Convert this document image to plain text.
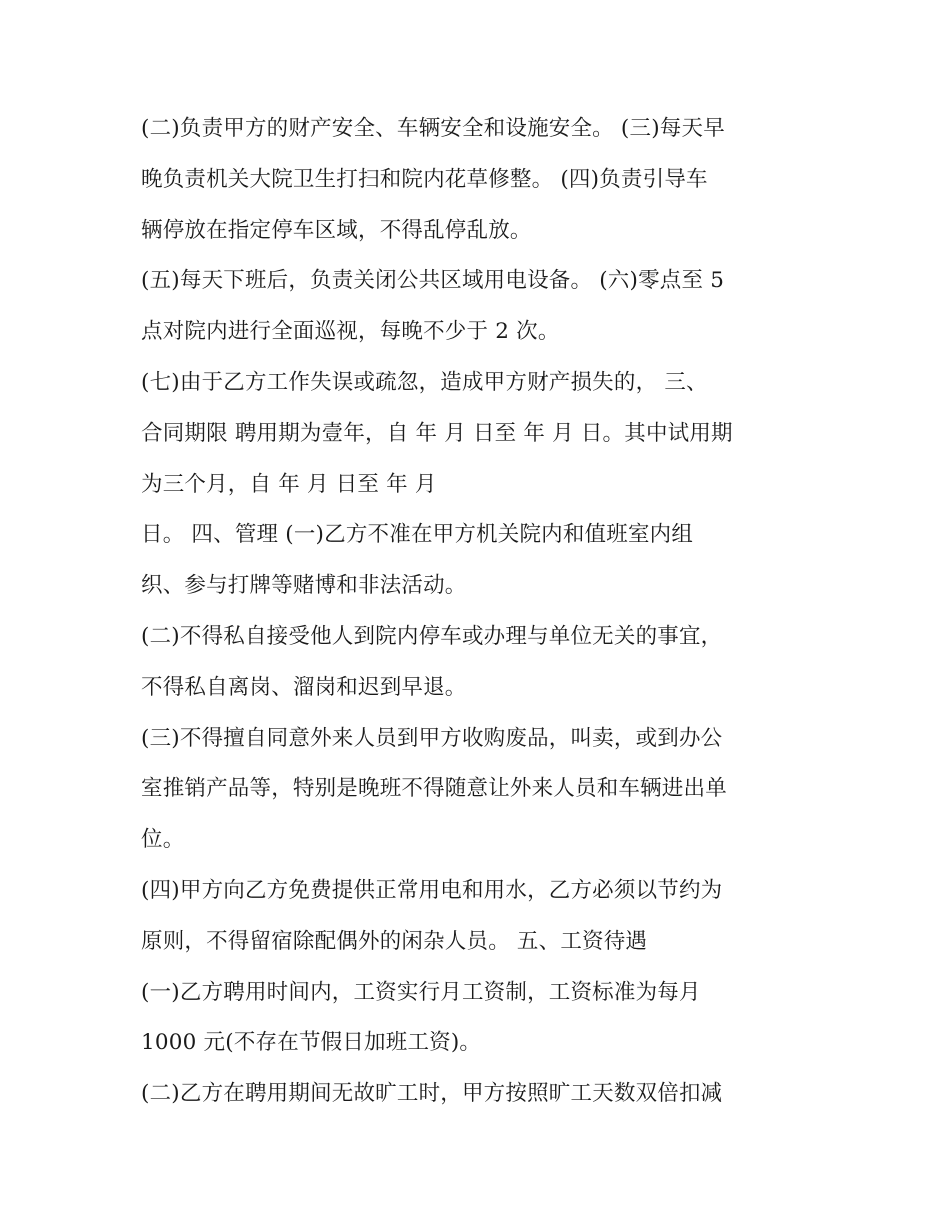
(二)负责甲方的财产安全、车辆安全和设施安全。 (三)每天早
晚负责机关大院卫生打扫和院内花草修整。 (四)负责引导车
辆停放在指定停车区域，不得乱停乱放。
(五)每天下班后，负责关闭公共区域用电设备。 (六)零点至 5
点对院内进行全面巡视，每晚不少于 2 次。
(七)由于乙方工作失误或疏忽，造成甲方财产损失的， 三、
合同期限 聘用期为壹年，自 年 月 日至 年 月 日。其中试用期
为三个月，自 年 月 日至 年 月
日。 四、管理 (一)乙方不准在甲方机关院内和值班室内组
织、参与打牌等赌博和非法活动。
(二)不得私自接受他人到院内停车或办理与单位无关的事宜，
不得私自离岗、溜岗和迟到早退。
(三)不得擅自同意外来人员到甲方收购废品，叫卖，或到办公
室推销产品等，特别是晚班不得随意让外来人员和车辆进出单
位。
(四)甲方向乙方免费提供正常用电和用水，乙方必须以节约为
原则，不得留宿除配偶外的闲杂人员。 五、工资待遇
(一)乙方聘用时间内，工资实行月工资制，工资标准为每月
1000 元(不存在节假日加班工资)。
(二)乙方在聘用期间无故旷工时，甲方按照旷工天数双倍扣减
